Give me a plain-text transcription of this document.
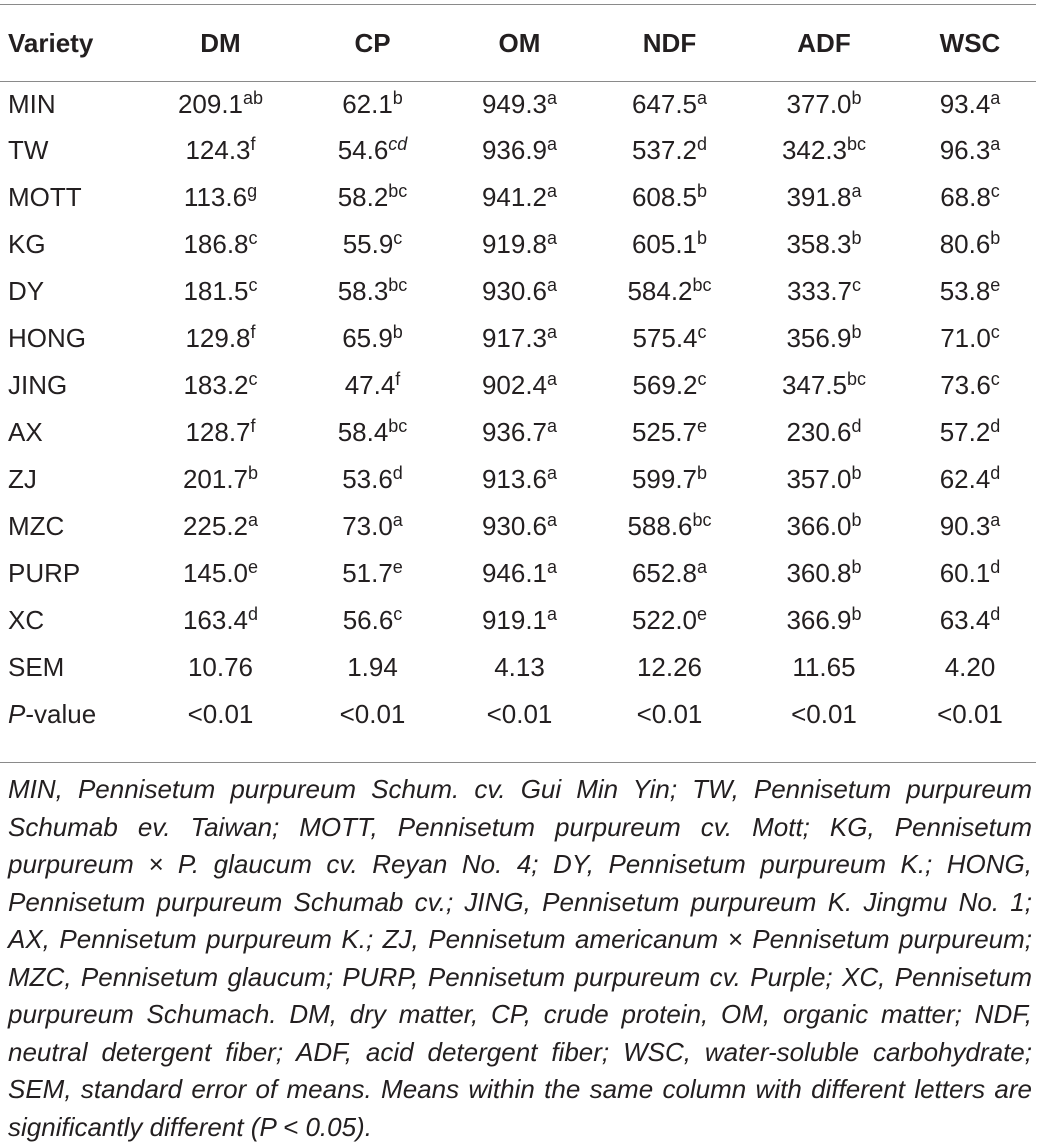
Variety	DM	CP	OM	NDF	ADF	WSC
MIN	209.1$^{ab}$	62.1$^b$	949.3$^a$	647.5$^a$	377.0$^b$	93.4$^a$
TW	124.3$^f$	54.6$^{cd}$	936.9$^a$	537.2$^d$	342.3$^{bc}$	96.3$^a$
MOTT	113.6$^g$	58.2$^{bc}$	941.2$^a$	608.5$^b$	391.8$^a$	68.8$^c$
KG	186.8$^c$	55.9$^c$	919.8$^a$	605.1$^b$	358.3$^b$	80.6$^b$
DY	181.5$^c$	58.3$^{bc}$	930.6$^a$	584.2$^{bc}$	333.7$^c$	53.8e
HONG	129.8$^f$	65.9$^b$	917.3$^a$	575.4$^c$	356.9$^b$	71.0$^c$
JING	183.2$^c$	47.4$^f$	902.4$^a$	569.2$^c$	347.5$^{bc}$	73.6$^c$
AX	128.7$^f$	58.4$^{bc}$	936.7$^a$	525.7e	230.6$^d$	57.2$^d$
ZJ	201.7$^b$	53.6$^d$	913.6$^a$	599.7$^b$	357.0$^b$	62.4$^d$
MZC	225.2$^a$	73.0$^a$	930.6$^a$	588.6$^{bc}$	366.0$^b$	90.3$^a$
PURP	145.0e	51.7e	946.1$^a$	652.8$^a$	360.8$^b$	60.1$^d$
XC	163.4$^d$	56.6$^c$	919.1$^a$	522.0e	366.9$^b$	63.4$^d$
SEM	10.76	1.94	4.13	12.26	11.65	4.20
P-value	<0.01	<0.01	<0.01	<0.01	<0.01	<0.01
MIN, Pennisetum purpureum Schum. cv. Gui Min Yin; TW, Pennisetum purpureum Schumab ev. Taiwan; MOTT, Pennisetum purpureum cv. Mott; KG, Pennisetum purpureum × P. glaucum cv. Reyan No. 4; DY, Pennisetum purpureum K.; HONG, Pennisetum purpureum Schumab cv.; JING, Pennisetum purpureum K. Jingmu No. 1; AX, Pennisetum purpureum K.; ZJ, Pennisetum americanum × Pennisetum purpureum; MZC, Pennisetum glaucum; PURP, Pennisetum purpureum cv. Purple; XC, Pennisetum purpureum Schumach. DM, dry matter, CP, crude protein, OM, organic matter; NDF, neutral detergent fiber; ADF, acid detergent fiber; WSC, water-soluble carbohydrate; SEM, standard error of means. Means within the same column with different letters are significantly different (P < 0.05).
